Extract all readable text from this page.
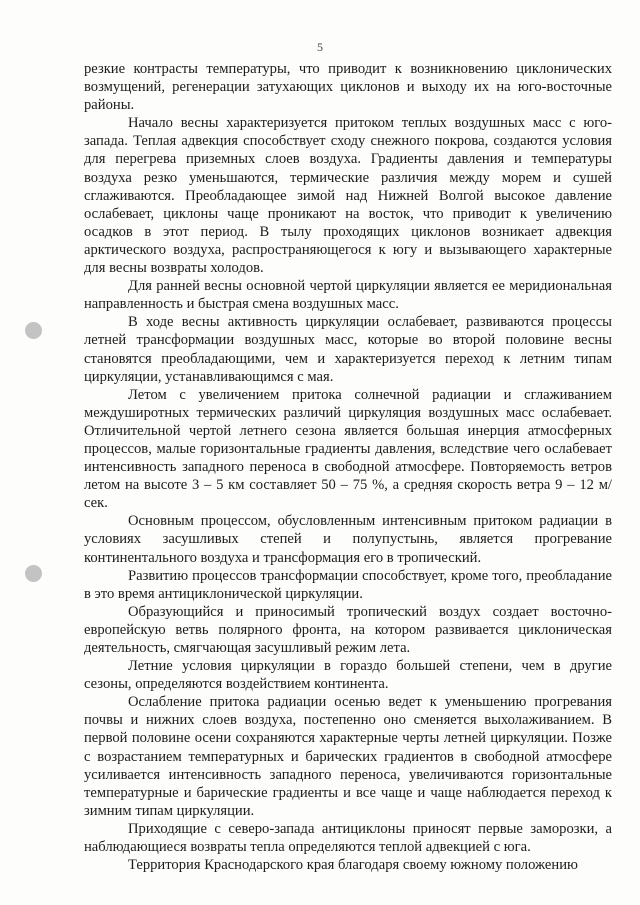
5

резкие контрасты температуры, что приводит к возникновению циклонических возмущений, регенерации затухающих циклонов и выходу их на юго-восточные районы.

Начало весны характеризуется притоком теплых воздушных масс с юго-запада. Теплая адвекция способствует сходу снежного покрова, создаются условия для перегрева приземных слоев воздуха. Градиенты давления и температуры воздуха резко уменьшаются, термические различия между морем и сушей сглаживаются. Преобладающее зимой над Нижней Волгой высокое давление ослабевает, циклоны чаще проникают на восток, что приводит к увеличению осадков в этот период. В тылу проходящих циклонов возникает адвекция арктического воздуха, распространяющегося к югу и вызывающего характерные для весны возвраты холодов.

Для ранней весны основной чертой циркуляции является ее меридиональная направленность и быстрая смена воздушных масс.

В ходе весны активность циркуляции ослабевает, развиваются процессы летней трансформации воздушных масс, которые во второй половине весны становятся преобладающими, чем и характеризуется переход к летним типам циркуляции, устанавливающимся с мая.

Летом с увеличением притока солнечной радиации и сглаживанием междуширотных термических различий циркуляция воздушных масс ослабевает. Отличительной чертой летнего сезона является большая инерция атмосферных процессов, малые горизонтальные градиенты давления, вследствие чего ослабевает интенсивность западного переноса в свободной атмосфере. Повторяемость ветров летом на высоте 3 – 5 км составляет 50 – 75 %, а средняя скорость ветра 9 – 12 м/сек.

Основным процессом, обусловленным интенсивным притоком радиации в условиях засушливых степей и полупустынь, является прогревание континентального воздуха и трансформация его в тропический.

Развитию процессов трансформации способствует, кроме того, преобладание в это время антициклонической циркуляции.

Образующийся и приносимый тропический воздух создает восточно-европейскую ветвь полярного фронта, на котором развивается циклоническая деятельность, смягчающая засушливый режим лета.

Летние условия циркуляции в гораздо большей степени, чем в другие сезоны, определяются воздействием континента.

Ослабление притока радиации осенью ведет к уменьшению прогревания почвы и нижних слоев воздуха, постепенно оно сменяется выхолаживанием. В первой половине осени сохраняются характерные черты летней циркуляции. Позже с возрастанием температурных и барических градиентов в свободной атмосфере усиливается интенсивность западного переноса, увеличиваются горизонтальные температурные и барические градиенты и все чаще и чаще наблюдается переход к зимним типам циркуляции.

Приходящие с северо-запада антициклоны приносят первые заморозки, а наблюдающиеся возвраты тепла определяются теплой адвекцией с юга.

Территория Краснодарского края благодаря своему южному положению
